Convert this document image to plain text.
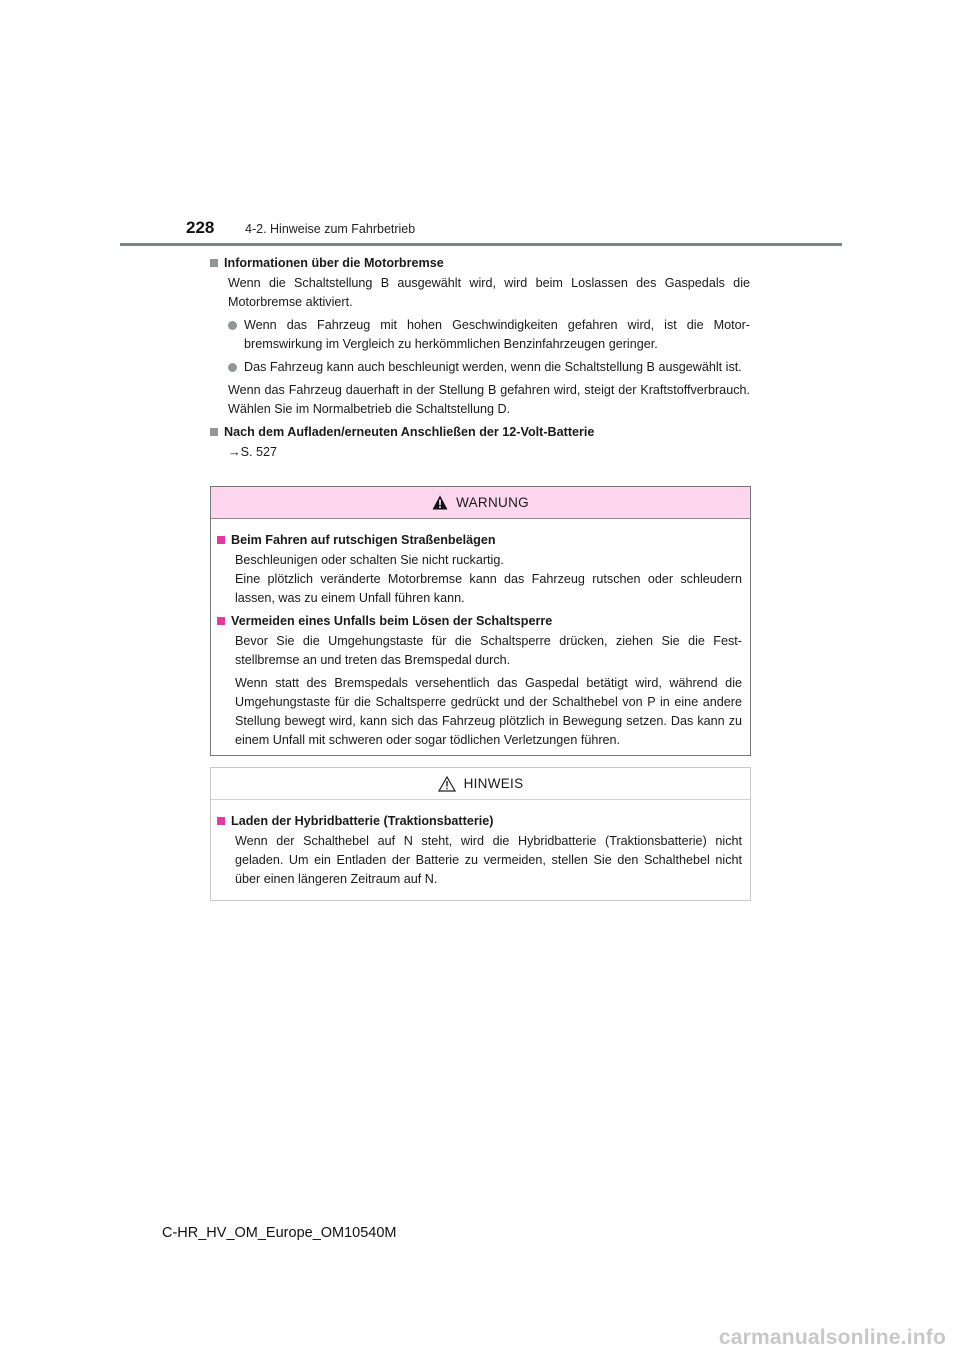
228 4-2. Hinweise zum Fahrbetrieb

Informationen über die Motorbremse

Wenn die Schaltstellung B ausgewählt wird, wird beim Loslassen des Gaspedals die Motorbremse aktiviert.

Wenn das Fahrzeug mit hohen Geschwindigkeiten gefahren wird, ist die Motorbremswirkung im Vergleich zu herkömmlichen Benzinfahrzeugen geringer.
Das Fahrzeug kann auch beschleunigt werden, wenn die Schaltstellung B ausgewählt ist.

Wenn das Fahrzeug dauerhaft in der Stellung B gefahren wird, steigt der Kraftstoffverbrauch. Wählen Sie im Normalbetrieb die Schaltstellung D.

Nach dem Aufladen/erneuten Anschließen der 12-Volt-Batterie

→S. 527

WARNUNG

Beim Fahren auf rutschigen Straßenbelägen

Beschleunigen oder schalten Sie nicht ruckartig.
Eine plötzlich veränderte Motorbremse kann das Fahrzeug rutschen oder schleudern lassen, was zu einem Unfall führen kann.

Vermeiden eines Unfalls beim Lösen der Schaltsperre

Bevor Sie die Umgehungstaste für die Schaltsperre drücken, ziehen Sie die Feststellbremse an und treten das Bremspedal durch.

Wenn statt des Bremspedals versehentlich das Gaspedal betätigt wird, während die Umgehungstaste für die Schaltsperre gedrückt und der Schalthebel von P in eine andere Stellung bewegt wird, kann sich das Fahrzeug plötzlich in Bewegung setzen. Das kann zu einem Unfall mit schweren oder sogar tödlichen Verletzungen führen.

HINWEIS

Laden der Hybridbatterie (Traktionsbatterie)

Wenn der Schalthebel auf N steht, wird die Hybridbatterie (Traktionsbatterie) nicht geladen. Um ein Entladen der Batterie zu vermeiden, stellen Sie den Schalthebel nicht über einen längeren Zeitraum auf N.

C-HR_HV_OM_Europe_OM10540M
carmanualsonline.info
